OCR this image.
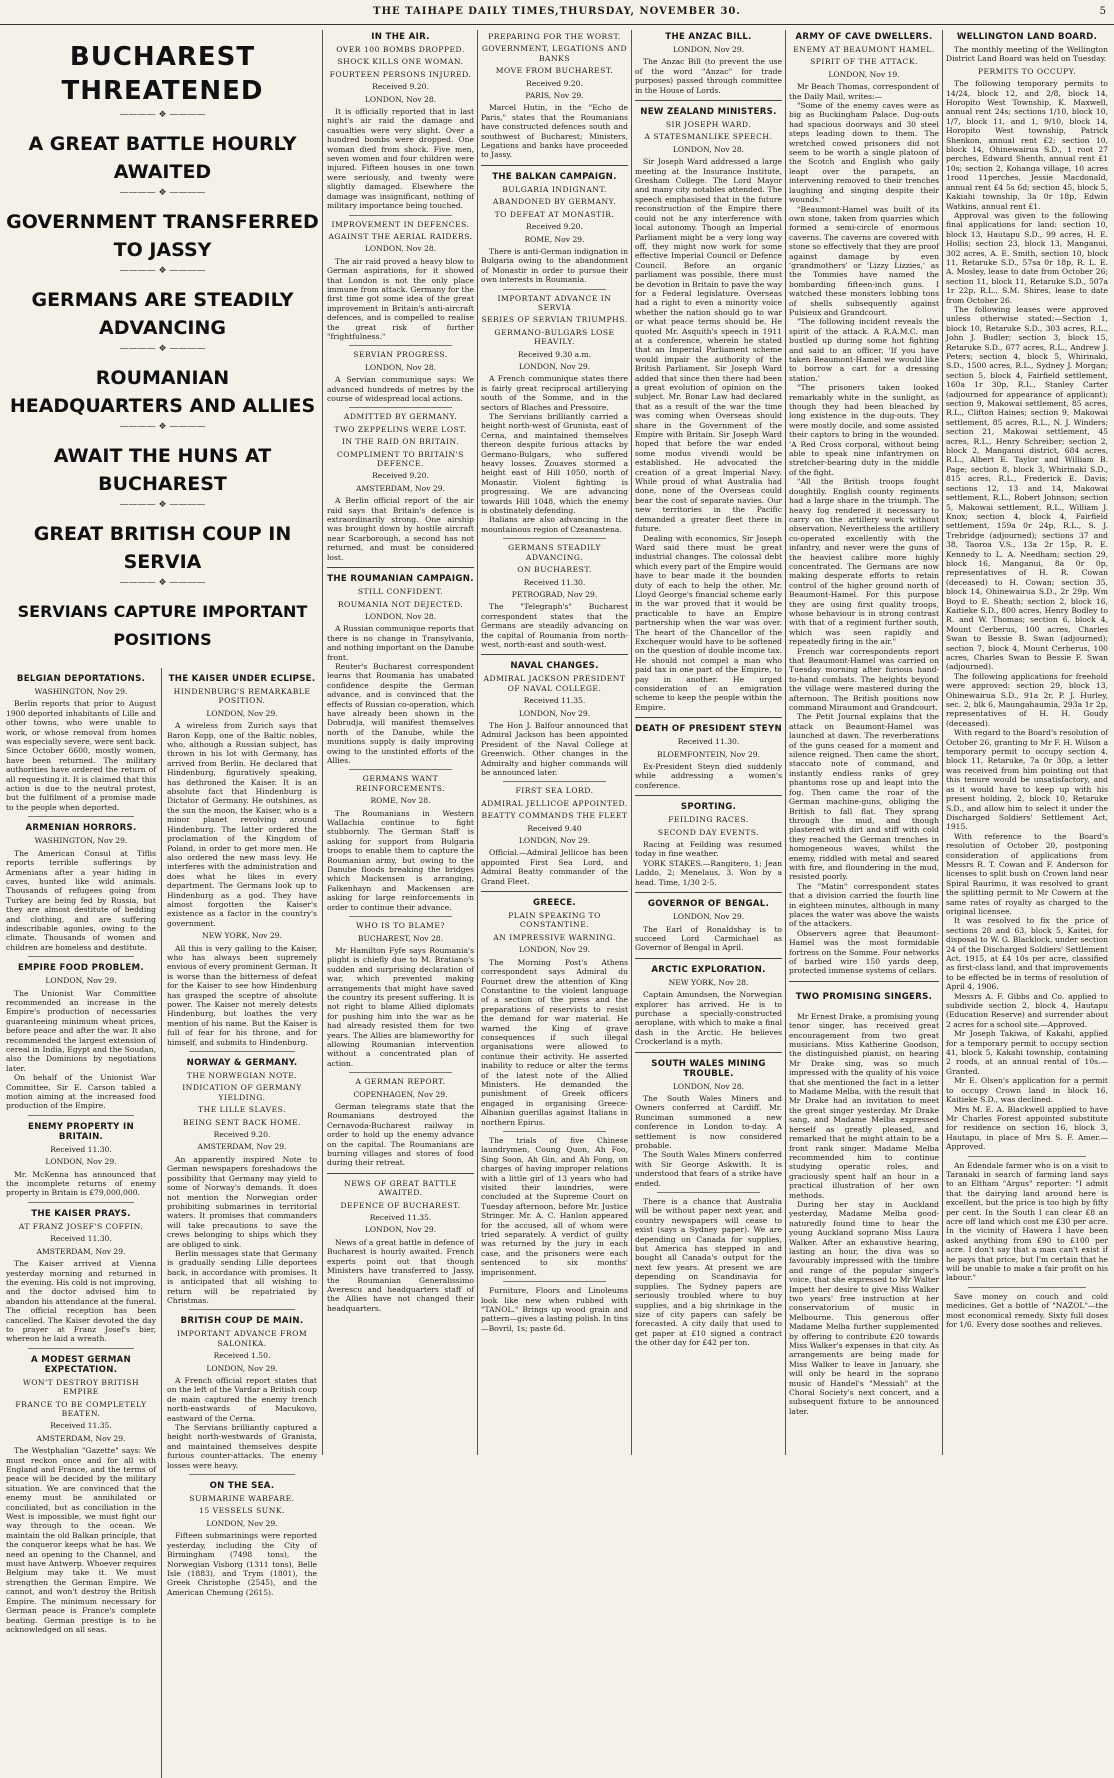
THE TAIHAPE DAILY TIMES,THURSDAY, NOVEMBER 30.	5
BUCHAREST THREATENED
———— ❖ ————
A GREAT BATTLE HOURLY AWAITED
———— ❖ ————
GOVERNMENT TRANSFERRED TO JASSY
———— ❖ ————
GERMANS ARE STEADILY ADVANCING
———— ❖ ————
ROUMANIAN HEADQUARTERS AND ALLIES
———— ❖ ————
AWAIT THE HUNS AT BUCHAREST
———— ❖ ————
GREAT BRITISH COUP IN SERVIA
———— ❖ ————
SERVIANS CAPTURE IMPORTANT POSITIONS
BELGIAN DEPORTATIONS.
WASHINGTON, Nov 29.

Berlin reports that prior to August 1900 deported inhabitants of Lille and other towns, who were unable to work, or whose removal from homes was especially severe, were sent back. Since October 6600, mostly women, have been returned. The military authorities have ordered the return of all requesting it. It is claimed that this action is due to the neutral protest, but the fulfilment of a promise made to the people when deported.

ARMENIAN HORRORS.
WASHINGTON, Nov 29.

The American Consul at Tiflis reports terrible sufferings by Armenians after a year hiding in caves, hunted like wild animals. Thousands of refugees going from Turkey are being fed by Russia, but they are almost destitute of bedding and clothing, and are suffering indescribable agonies, owing to the climate. Thousands of women and children are homeless and destitute.

EMPIRE FOOD PROBLEM.
LONDON, Nov 29.

The Unionist War Committee recommended an increase in the Empire's production of necessaries guaranteeing minimum wheat prices, before peace and after the war. It also recommended the largest extension of cereal in India, Egypt and the Soudan, also the Dominions by negotiations later.

On behalf of the Unionist War Committee, Sir E. Carson tabled a motion aiming at the increased food production of the Empire.

ENEMY PROPERTY IN BRITAIN.
Received 11.30.
LONDON, Nov 29.

Mr. McKenna has announced that the incomplete returns of enemy property in Britain is £79,000,000.

THE KAISER PRAYS.
AT FRANZ JOSEF'S COFFIN.
Received 11.30.
AMSTERDAM, Nov 29.

The Kaiser arrived at Vienna yesterday morning and returned in the evening. His cold is not improving, and the doctor advised him to abandon his attendance at the funeral. The official reception has been cancelled. The Kaiser devoted the day to prayer at Franz Josef's bier, whereon he laid a wreath.

A MODEST GERMAN EXPECTATION.
WON'T DESTROY BRITISH EMPIRE
FRANCE TO BE COMPLETELY BEATEN.
Received 11.35.
AMSTERDAM, Nov 29.

The Westphalian "Gazette" says: We must reckon once and for all with England and France, and the terms of peace will be decided by the military situation. We are convinced that the enemy must be annihilated or conciliated, but as conciliation in the West is impossible, we must fight our way through to the ocean. We maintain the old Balkan principle, that the conqueror keeps what he has. We need an opening to the Channel, and must have Antwerp. Whoever requires Belgium may take it. We must strengthen the German Empire. We cannot, and won't destroy the British Empire. The minimum necessary for German peace is France's complete beating. German prestige is to be acknowledged on all seas.

THE KAISER UNDER ECLIPSE.
HINDENBURG'S REMARKABLE POSITION.
LONDON, Nov 29.

A wireless from Zurich says that Baron Kopp, one of the Baltic nobles, who, although a Russian subject, has thrown in his lot with Germany, has arrived from Berlin. He declared that Hindenburg, figuratively speaking, has dethroned the Kaiser. It is an absolute fact that Hindenburg is Dictator of Germany. He outshines, as the sun the moon, the Kaiser, who is a minor planet revolving around Hindenburg. The latter ordered the proclamation of the Kingdom of Poland, in order to get more men. He also ordered the new mass levy. He interferes with the administration and does what he likes in every department. The Germans look up to Hindenburg as a god. They have almost forgotten the Kaiser's existence as a factor in the country's government.

NEW YORK, Nov 29.

All this is very galling to the Kaiser, who has always been supremely envious of every prominent German. It is worse than the bitterness of defeat for the Kaiser to see how Hindenburg has grasped the sceptre of absolute power. The Kaiser not merely detests Hindenburg, but loathes the very mention of his name. But the Kaiser is full of fear for his throne, and for himself, and submits to Hindenburg.

NORWAY & GERMANY.
THE NORWEGIAN NOTE.
INDICATION OF GERMANY YIELDING.
THE LILLE SLAVES.
BEING SENT BACK HOME.
Received 9.20.
AMSTERDAM, Nov 29.

An apparently inspired Note to German newspapers foreshadows the possibility that Germany may yield to some of Norway's demands. It does not mention the Norwegian order prohibiting submarines in territorial waters. It promises that commanders will take precautions to save the crews belonging to ships which they are obliged to sink.

Berlin messages state that Germany is gradually sending Lille deportees back, in accordance with promises. It is anticipated that all wishing to return will be repatriated by Christmas.

BRITISH COUP DE MAIN.
IMPORTANT ADVANCE FROM SALONIKA.
Received 1.50.
LONDON, Nov 29.

A French official report states that on the left of the Vardar a British coup de main captured the enemy trench north-eastwards of Macukovo, eastward of the Cerna.

The Servians brilliantly captured a height north-westwards of Granista, and maintained themselves despite furious counter-attacks. The enemy losses were heavy.

ON THE SEA.
SUBMARINE WARFARE.
15 VESSELS SUNK.
LONDON, Nov 29.

Fifteen submarinings were reported yesterday, including the City of Birmingham (7498 tons), the Norwegian Visborg (1311 tons), Belle Isle (1883), and Trym (1801), the Greek Christophe (2545), and the American Chemung (2615).

IN THE AIR.
OVER 100 BOMBS DROPPED.
SHOCK KILLS ONE WOMAN.
FOURTEEN PERSONS INJURED.
Received 9.20.
LONDON, Nov 28.

It is officially reported that in last night's air raid the damage and casualties were very slight. Over a hundred bombs were dropped. One woman died from shock. Five men, seven women and four children were injured. Fifteen houses in one town were seriously, and twenty were slightly damaged. Elsewhere the damage was insignificant, nothing of military importance being touched.

IMPROVEMENT IN DEFENCES.
AGAINST THE AERIAL RAIDERS.
LONDON, Nov 28.

The air raid proved a heavy blow to German aspirations, for it showed that London is not the only place immune from attack. Germany for the first time got some idea of the great improvement in Britain's anti-aircraft defences, and is compelled to realise the great risk of further "frightfulness."

SERVIAN PROGRESS.
LONDON, Nov 28.

A Servian communique says: We advanced hundreds of metres by the course of widespread local actions.

ADMITTED BY GERMANY.
TWO ZEPPELINS WERE LOST.
IN THE RAID ON BRITAIN.
COMPLIMENT TO BRITAIN'S DEFENCE.
Received 9.20.
AMSTERDAM, Nov 29.

A Berlin official report of the air raid says that Britain's defence is extraordinarily strong. One airship was brought down by hostile aircraft near Scarborough, a second has not returned, and must be considered lost.

THE ROUMANIAN CAMPAIGN.
STILL CONFIDENT.
ROUMANIA NOT DEJECTED.
LONDON, Nov 28.

A Russian communique reports that there is no change in Transylvania, and nothing important on the Danube front.

Reuter's Bucharest correspondent learns that Roumania has unabated confidence despite the German advance, and is convinced that the effects of Russian co-operation, which have already been shown in the Dobrudja, will manifest themselves north of the Danube, while the munitions supply is daily improving owing to the unstinted efforts of the Allies.

GERMANS WANT REINFORCEMENTS.
ROME, Nov 28.

The Roumanians in Western Wallachia continue to fight stubbornly. The German Staff is asking for support from Bulgaria troops to enable them to capture the Roumanian army, but owing to the Danube floods breaking the bridges which Mackensen is arranging, Falkenhayn and Mackensen are asking for large reinforcements in order to continue their advance.

WHO IS TO BLAME?
BUCHAREST, Nov 28.

Mr Hamilton Fyfe says Roumania's plight is chiefly due to M. Bratiano's sudden and surprising declaration of war, which prevented making arrangements that might have saved the country its present suffering. It is not right to blame Allied diplomats for pushing him into the war as he had already resisted them for two years. The Allies are blameworthy for allowing Roumanian intervention without a concentrated plan of action.

A GERMAN REPORT.
COPENHAGEN, Nov 29.

German telegrams state that the Roumanians destroyed the Cernavoda-Bucharest railway in order to hold up the enemy advance on the capital. The Roumanians are burning villages and stores of food during their retreat.

NEWS OF GREAT BATTLE AWAITED.
DEFENCE OF BUCHAREST.
Received 11.35.
LONDON, Nov 29.

News of a great battle in defence of Bucharest is hourly awaited. French experts point out that though Ministers have transferred to Jassy, the Roumanian Generalissimo Averescu and headquarters staff of the Allies have not changed their headquarters.

PREPARING FOR THE WORST.
GOVERNMENT, LEGATIONS AND BANKS
MOVE FROM BUCHAREST.
Received 9.20.
PARIS, Nov 29.

Marcel Hutin, in the "Echo de Paris," states that the Roumanians have constructed defences south and southwest of Bucharest; Ministers, Legations and banks have proceeded to Jassy.

THE BALKAN CAMPAIGN.
BULGARIA INDIGNANT.
ABANDONED BY GERMANY.
TO DEFEAT AT MONASTIR.
Received 9.20.
ROME, Nov 29.

There is anti-German indignation in Bulgaria owing to the abandonment of Monastir in order to pursue their own interests in Roumania.

IMPORTANT ADVANCE IN SERVIA
SERIES OF SERVIAN TRIUMPHS.
GERMANO-BULGARS LOSE HEAVILY.
Received 9.30 a.m.
LONDON, Nov 29.

A French communique states there is fairly great reciprocal artillerying south of the Somme, and in the sectors of Blaches and Pressoire.

The Servians brilliantly carried a height north-west of Grunista, east of Cerna, and maintained themselves thereon despite furious attacks by Germano-Bulgars, who suffered heavy losses. Zouaves stormed a height east of Hill 1050, north of Monastir. Violent fighting is progressing. We are advancing towards Hill 1048, which the enemy is obstinately defending.

Italians are also advancing in the mountainous region of Czeanastena.

GERMANS STEADILY ADVANCING.
ON BUCHAREST.
Received 11.30.
PETROGRAD, Nov 29.

The "Telegraph's" Bucharest correspondent states that the Germans are steadily advancing on the capital of Roumania from north-west, north-east and south-west.

NAVAL CHANGES.
ADMIRAL JACKSON PRESIDENT OF NAVAL COLLEGE.
Received 11.35.
LONDON, Nov 29.

The Hon J. Balfour announced that Admiral Jackson has been appointed President of the Naval College at Greenwich. Other changes in the Admiralty and higher commands will be announced later.

FIRST SEA LORD.
ADMIRAL JELLICOE APPOINTED.
BEATTY COMMANDS THE FLEET
Received 9.40
LONDON, Nov 29.

Official.—Admiral Jellicoe has been appointed First Sea Lord, and Admiral Beatty commander of the Grand Fleet.

GREECE.
PLAIN SPEAKING TO CONSTANTINE.
AN IMPRESSIVE WARNING.
LONDON, Nov 29.

The Morning Post's Athens correspondent says Admiral du Fournet drew the attention of King Constantine to the violent language of a section of the press and the preparations of reservists to resist the demand for war material. He warned the King of grave consequences if such illegal organisations were allowed to continue their activity. He asserted inability to reduce or alter the terms of the latest note of the Allied Ministers. He demanded the punishment of Greek officers engaged in organising Greece-Albanian guerillas against Italians in northern Epirus.

The trials of five Chinese laundrymen, Coung Quon, Ah Foo, Sing Soon, Ah Gin, and Ah Fong, on charges of having improper relations with a little girl of 13 years who had visited their laundries, were concluded at the Supreme Court on Tuesday afternoon, before Mr. Justice Stringer. Mr. A. C. Hanlon appeared for the accused, all of whom were tried separately. A verdict of guilty was returned by the jury in each case, and the prisoners were each sentenced to six months' imprisonment.

Furniture, Floors and Linoleums look like new when rubbed with "TANOL." Brings up wood grain and pattern—gives a lasting polish. In tins —Bovril, 1s; paste 6d.

THE ANZAC BILL.
LONDON, Nov 29.

The Anzac Bill (to prevent the use of the word "Anzac" for trade purposes) passed through committee in the House of Lords.

NEW ZEALAND MINISTERS.
SIR JOSEPH WARD.
A STATESMANLIKE SPEECH.
LONDON, Nov 28.

Sir Joseph Ward addressed a large meeting at the Insurance Institute, Gresham College. The Lord Mayor and many city notables attended. The speech emphasised that in the future reconstruction of the Empire there could not be any interference with local autonomy. Though an Imperial Parliament might be a very long way off, they might now work for some effective Imperial Council or Defence Council. Before an organic parliament was possible, there must be devotion in Britain to pave the way for a Federal legislature. Overseas had a right to even a minority voice whether the nation should go to war or what peace terms should be. He quoted Mr. Asquith's speech in 1911 at a conference, wherein he stated that an Imperial Parliament scheme would impair the authority of the British Parliament. Sir Joseph Ward added that since then there had been a great evolution of opinion on the subject. Mr. Bonar Law had declared that as a result of the war the time was coming when Overseas should share in the Government of the Empire with Britain. Sir Joseph Ward hoped that before the war ended some modus vivendi would be established. He advocated the creation of a great Imperial Navy. While proud of what Australia had done, none of the Overseas could bear the cost of separate navies. Our new territories in the Pacific demanded a greater fleet there in future.

Dealing with economics, Sir Joseph Ward said there must be great industrial changes. The colossal debt which every part of the Empire would have to bear made it the bounden duty of each to help the other. Mr. Lloyd George's financial scheme early in the war proved that it would be practicable to have an Empire partnership when the war was over. The heart of the Chancellor of the Exchequer would have to be softened on the question of double income tax. He should not compel a man who paid tax in one part of the Empire, to pay in another. He urged consideration of an emigration scheme to keep the people within the Empire.

DEATH OF PRESIDENT STEYN
Received 11.30.
BLOEMFONTEIN, Nov 29.

Ex-President Steyn died suddenly while addressing a women's conference.

SPORTING.
FEILDING RACES.
SECOND DAY EVENTS.

Racing at Feilding was resumed today in fine weather.

YORK STAKES.—Rangitero, 1; Jean Laddo, 2; Menelaus, 3. Won by a head. Time, 1/30 2-5.

GOVERNOR OF BENGAL.
LONDON, Nov 29.

The Earl of Ronaldshay is to succeed Lord Carmichael as Governor of Bengal in April.

ARCTIC EXPLORATION.
NEW YORK, Nov 28.

Captain Amundsen, the Norwegian explorer has arrived. He is to purchase a specially-constructed aeroplane, with which to make a final dash in the Arctic. He believes Crockerland is a myth.

SOUTH WALES MINING TROUBLE.
LONDON, Nov 28.

The South Wales Miners and Owners conferred at Cardiff. Mr. Runciman summoned a new conference in London to-day. A settlement is now considered probable.

The South Wales Miners conferred with Sir George Askwith. It is understood that fears of a strike have ended.

There is a chance that Australia will be without paper next year, and country newspapers will cease to exist (says a Sydney paper). We are depending on Canada for supplies, but America has stepped in and bought all Canada's output for the next few years. At present we are depending on Scandinavia for supplies. The Sydney papers are seriously troubled where to buy supplies, and a big shrinkage in the size of city papers can safely be forecasted. A city daily that used to get paper at £10 signed a contract the other day for £42 per ton.

ARMY OF CAVE DWELLERS.
ENEMY AT BEAUMONT HAMEL.
SPIRIT OF THE ATTACK.
LONDON, Nov 19.

Mr Beach Thomas, correspondent of the Daily Mail, writes:—

"Some of the enemy caves were as big as Buckingham Palace. Dug-outs had spacious doorways and 30 steel steps leading down to them. The wretched cowed prisoners did not seem to be worth a single platoon of the Scotch and English who gaily leapt over the parapets, an intervening removed to their trenches laughing and singing despite their wounds."

"Beaumont-Hamel was built of its own stone, taken from quarries which formed a semi-circle of enormous caverns. The caverns are covered with stone so effectively that they are proof against damage by even 'grandmothers' or 'Lizzy Lizzies,' as the Tommies have named the bombarding fifteen-inch guns. I watched these monsters lobbing tons of shells subsequently against Puisieux and Grandcourt.

"The following incident reveals the spirit of the attack. A R.A.M.C. man bustled up during some hot fighting and said to an officer, 'If you have taken Beaumont-Hamel we would like to borrow a cart for a dressing station.'

"The prisoners taken looked remarkably white in the sunlight, as though they had been bleached by long existence in the dug-outs. They were mostly docile, and some assisted their captors to bring in the wounded. 'A Red Cross corporal, without being able to speak nine infantrymen on stretcher-bearing duty in the middle of the fight.

"All the British troops fought doughtily. English county regiments had a large share in the triumph. The heavy fog rendered it necessary to carry on the artillery work without observation. Nevertheless the artillery co-operated excellently with the infantry, and never were the guns of the heaviest calibre more highly concentrated. The Germans are now making desperate efforts to retain control of the higher ground north of Beaumont-Hamel. For this purpose they are using first quality troops, whose behaviour is in strong contrast with that of a regiment further south, which was seen rapidly and repeatedly firing in the air."

French war correspondents report that Beaumont-Hamel was carried on Tuesday morning after furious hand-to-hand combats. The heights beyond the village were mastered during the afternoon. The British positions now command Miraumont and Grandcourt.

The Petit Journal explains that the attack on Beaumont-Hamel was launched at dawn. The reverberations of the guns ceased for a moment and silence reigned. Then came the short, staccato note of command, and instantly endless ranks of grey phantoms rose up and leapt into the fog. Then came the roar of the German machine-guns, obliging the British to fall flat. They sprang through the mud, and though plastered with dirt and stiff with cold they reached the German trenches in homogeneous waves, whilst the enemy, riddled with metal and seared with fire, and floundering in the mud, resisted poorly.

The "Matin" correspondent states that a division carried the fourth line in eighteen minutes, although in many places the water was above the waists of the attackers.

Observers agree that Beaumont-Hamel was the most formidable fortress on the Somme. Four networks of barbed wire 150 yards deep, protected immense systems of cellars.

TWO PROMISING SINGERS.

Mr Ernest Drake, a promising young tenor singer, has received great encouragement from two great musicians. Miss Katherine Goodson, the distinguished pianist, on hearing Mr Drake sing, was so much impressed with the quality of his voice that she mentioned the fact in a letter to Madame Melba, with the result that Mr Drake had an invitation to meet the great singer yesterday. Mr Drake sang, and Madame Melba expressed herself as greatly pleased, and remarked that he might attain to be a front rank singer. Madame Melba recommended him to continue studying operatic roles, and graciously spent half an hour in a practical illustration of her own methods.

During her stay in Auckland yesterday, Madame Melba good-naturedly found time to hear the young Auckland soprano Miss Laura Walker. After an exhaustive hearing, lasting an hour, the diva was so favourably impressed with the timbre and range of the popular singer's voice, that she expressed to Mr Walter Impett her desire to give Miss Walker two years' free instruction at her conservatorium of music in Melbourne. This generous offer Madame Melba further supplemented by offering to contribute £20 towards Miss Walker's expenses in that city. As arrangements are being made for Miss Walker to leave in January, she will only be heard in the soprano music of Handel's "Messiah" at the Choral Society's next concert, and a subsequent fixture to be announced later.

WELLINGTON LAND BOARD.

The monthly meeting of the Wellington District Land Board was held on Tuesday.

PERMITS TO OCCUPY.

The following temporary permits to 14/24, block 12, and 2/8, block 14, Horopito West Township, K. Maxwell, annual rent 24s; sections 1/10, block 10, 1/7, block 11, and 1, 9/10, block 14, Horopito West township, Patrick Shenkon, annual rent £2; section 10, block 14, Ohinewairua S.D., 1 root 27 perches, Edward Shenth, annual rent £1 10s; section 2, Kohanga village, 10 acres 1rood 11perches, Jessie Macdonald, annual rent £4 5s 6d; section 45, block 5, Kakiahi township, 3a 0r 18p, Edwin Watkins, annual rent £1.

Approval was given to the following final applications for land: section 10, block 13, Hautapu S.D., 99 acres, H. E. Hollis; section 23, block 13, Manganui, 302 acres, A. E. Smith, section 10, block 11, Retaruke S.D., 57sa 0r 18p, R. L. E. A. Mosley, lease to date from October 26; section 11, block 11, Retaruke S.D., 507a 1r 22p, R.L., S.M. Shires, lease to date from October 26.

The following leases were approved unless otherwise stated:—Section 1, block 10, Retaruke S.D., 303 acres, R.L., John J. Budler; section 3, block 15, Retaruke S.D., 677 acres, R.L., Andrew J. Peters; section 4, block 5, Whirinaki, S.D., 1500 acres, R.L., Sydney J. Morgan; section 5, block 4, Fairfield settlement, 160a 1r 30p, R.L., Stanley Carter (adjourned for appearance of applicant); section 9, Makowai settlement, 85 acres, R.L., Clifton Haines; section 9, Makowai settlement, 85 acres, R.L., N. J. Winders; section 21, Makowai settlement, 45 acres, R.L., Henry Schreiber; section 2, block 2, Manganui district, 684 acres, R.L., Albert E. Taylor and William B. Page; section 8, block 3, Whirinaki S.D., 815 acres, R.L., Frederick E. Davis; sections 12, 13 and 14, Makowai settlement, R.L., Robert Johnson; section 5, Makowai settlement, R.L., William J. Knox; section 4, block 4, Fairfield settlement, 159a 0r 24p, R.L., S. J. Trebridge (adjourned); sections 37 and 38, Taoroa V.S., 13a 2r 15p, R. E. Kennedy to L. A. Needham; section 29, block 16, Manganui, 8a 0r 0p, representatives of H. R. Cowan (deceased) to H. Cowan; section 35, block 14, Ohinewairua S.D., 2r 29p, Wm Boyd to E. Sheath; section 2, block 16, Kaitieke S.D., 800 acres, Henry Bodley to R. and W. Thomas; section 6, block 4, Mount Cerberus, 100 acres, Charles Swan to Bessie B. Swan (adjourned); section 7, block 4, Mount Cerberus, 100 acres, Charles Swan to Bessie F. Swan (adjourned).

The following applications for freehold were approved: section 29, block 13, Ohinewairua S.D., 91a 2r, P. J. Hurley, sec. 2, blk 6, Maungahaumia, 293a 1r 2p, representatives of H. H. Goudy (deceased).

With regard to the Board's resolution of October 26, granting to Mr F. H. Wilson a temporary permit to occupy section 4, block 11, Retaruke, 7a 0r 30p, a letter was received from him pointing out that this tenure would be unsatisfactory, and as it would have to keep up with his present holding, 2, block 10, Retaruke S.D., and allow him to select it under the Discharged Soldiers' Settlement Act, 1915.

With reference to the Board's resolution of October 20, postponing consideration of applications from Messrs R. T. Cowan and F. Anderson for licenses to split bush on Crown land near Spiral Raurimu, it was resolved to grant the splitting permit to Mr Cowern at the same rates of royalty as charged to the original licensee.

It was resolved to fix the price of sections 28 and 63, block 5, Kaitei, for disposal to W. G. Blacklock, under section 24 of the Discharged Soldiers' Settlement Act, 1915, at £4 10s per acre, classified as first-class land, and that improvements to be effected be in terms of resolution of April 4, 1906.

Messrs A. F. Gibbs and Co. applied to subdivide section 2, block 4, Hautapu (Education Reserve) and surrender about 2 acres for a school site.—Approved.

Mr Joseph Takiwa, of Kakahi, applied for a temporary permit to occupy section 41, block 5, Kakahi township, containing 2 roods, at an annual rental of 10s.—Granted.

Mr E. Olsen's application for a permit to occupy Crown land in block 16, Kaitieke S.D., was declined.

Mrs M. E. A. Blackwell applied to have Mr Charles Forest appointed substitute for residence on section 16, block 3, Hautapu, in place of Mrs S. F. Amer.—Approved.

An Edendale farmer who is on a visit to Taranaki in search of farming land says to an Eltham "Argus" reporter: "I admit that the dairying land around here is excellent, but the price is too high by fifty per cent. In the South I can clear £8 an acre off land which cost me £30 per acre. In the vicinity of Hawera I have been asked anything from £90 to £100 per acre. I don't say that a man can't exist if he pays that price, but I'm certain that he will be unable to make a fair profit on his labour."

Save money on couch and cold medicines. Get a bottle of "NAZOL"—the most economical remedy. Sixty full doses for 1/6. Every dose soothes and relieves.
